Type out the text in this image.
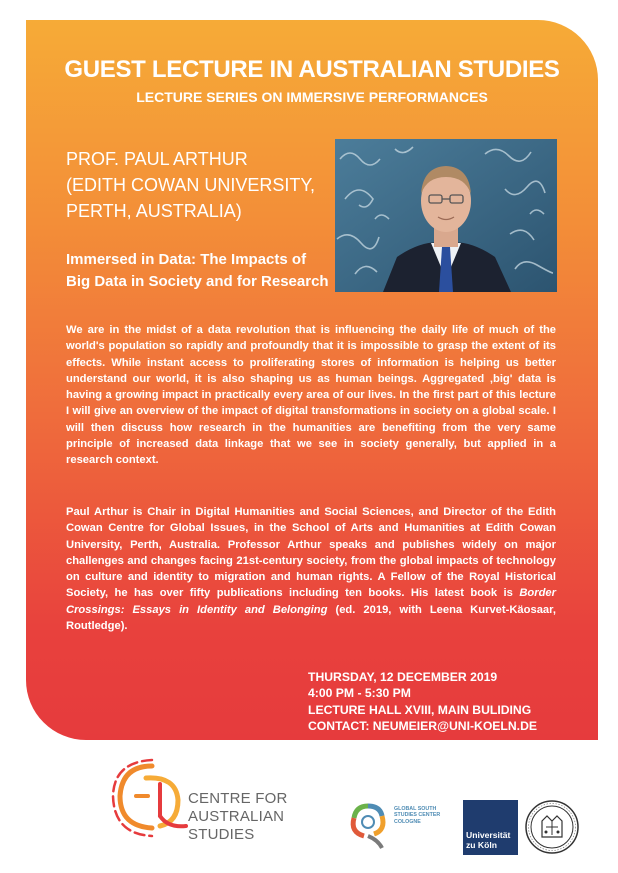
GUEST LECTURE IN AUSTRALIAN STUDIES
LECTURE SERIES ON IMMERSIVE PERFORMANCES
PROF. PAUL ARTHUR
(EDITH COWAN UNIVERSITY,
PERTH, AUSTRALIA)
Immersed in Data: The Impacts of
Big Data in Society and for Research
We are in the midst of a data revolution that is influencing the daily life of much of the world's population so rapidly and profoundly that it is impossible to grasp the extent of its effects. While instant access to proliferating stores of information is helping us better understand our world, it is also shaping us as human beings. Aggregated ‚big' data is having a growing impact in practically every area of our lives. In the first part of this lecture I will give an overview of the impact of digital transformations in society on a global scale. I will then discuss how research in the humanities are benefiting from the very same principle of increased data linkage that we see in society generally, but applied in a research context.
Paul Arthur is Chair in Digital Humanities and Social Sciences, and Director of the Edith Cowan Centre for Global Issues, in the School of Arts and Humanities at Edith Cowan University, Perth, Australia. Professor Arthur speaks and publishes widely on major challenges and changes facing 21st-century society, from the global impacts of technology on culture and identity to migration and human rights. A Fellow of the Royal Historical Society, he has over fifty publications including ten books. His latest book is Border Crossings: Essays in Identity and Belonging (ed. 2019, with Leena Kurvet-Käosaar, Routledge).
THURSDAY, 12 DECEMBER 2019
4:00 PM - 5:30 PM
LECTURE HALL XVIII, MAIN BULIDING
CONTACT: NEUMEIER@UNI-KOELN.DE
CENTRE FOR
AUSTRALIAN
STUDIES
GLOBAL SOUTH
STUDIES CENTER
COLOGNE
Universität
zu Köln
